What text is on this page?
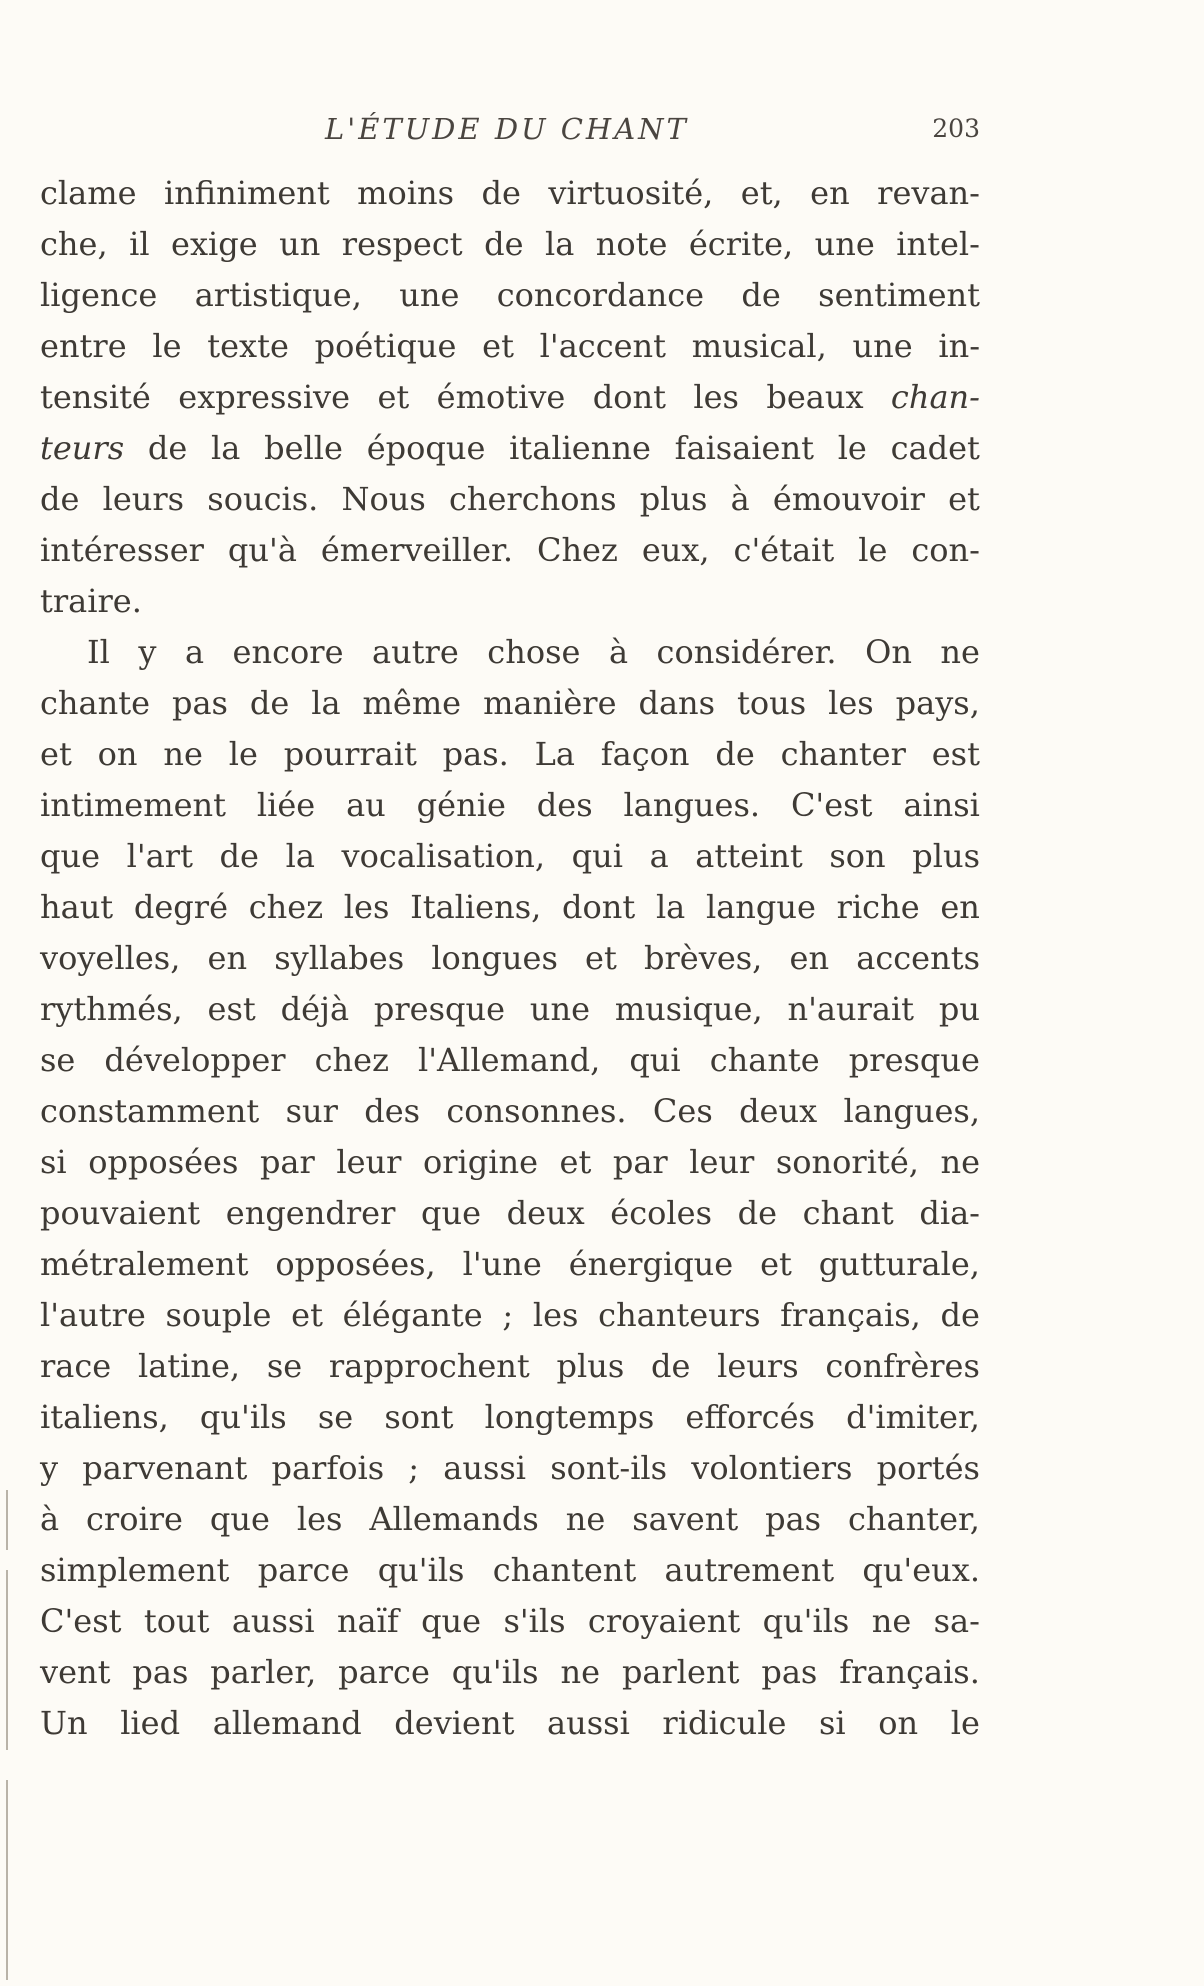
L'ÉTUDE DU CHANT	203
clame infiniment moins de virtuosité, et, en revan-
che, il exige un respect de la note écrite, une intel-
ligence artistique, une concordance de sentiment
entre le texte poétique et l'accent musical, une in-
tensité expressive et émotive dont les beaux chan-
teurs de la belle époque italienne faisaient le cadet
de leurs soucis. Nous cherchons plus à émouvoir et
intéresser qu'à émerveiller. Chez eux, c'était le con-
traire.
Il y a encore autre chose à considérer. On ne
chante pas de la même manière dans tous les pays,
et on ne le pourrait pas. La façon de chanter est
intimement liée au génie des langues. C'est ainsi
que l'art de la vocalisation, qui a atteint son plus
haut degré chez les Italiens, dont la langue riche en
voyelles, en syllabes longues et brèves, en accents
rythmés, est déjà presque une musique, n'aurait pu
se développer chez l'Allemand, qui chante presque
constamment sur des consonnes. Ces deux langues,
si opposées par leur origine et par leur sonorité, ne
pouvaient engendrer que deux écoles de chant dia-
métralement opposées, l'une énergique et gutturale,
l'autre souple et élégante ; les chanteurs français, de
race latine, se rapprochent plus de leurs confrères
italiens, qu'ils se sont longtemps efforcés d'imiter,
y parvenant parfois ; aussi sont-ils volontiers portés
à croire que les Allemands ne savent pas chanter,
simplement parce qu'ils chantent autrement qu'eux.
C'est tout aussi naïf que s'ils croyaient qu'ils ne sa-
vent pas parler, parce qu'ils ne parlent pas français.
Un lied allemand devient aussi ridicule si on le
